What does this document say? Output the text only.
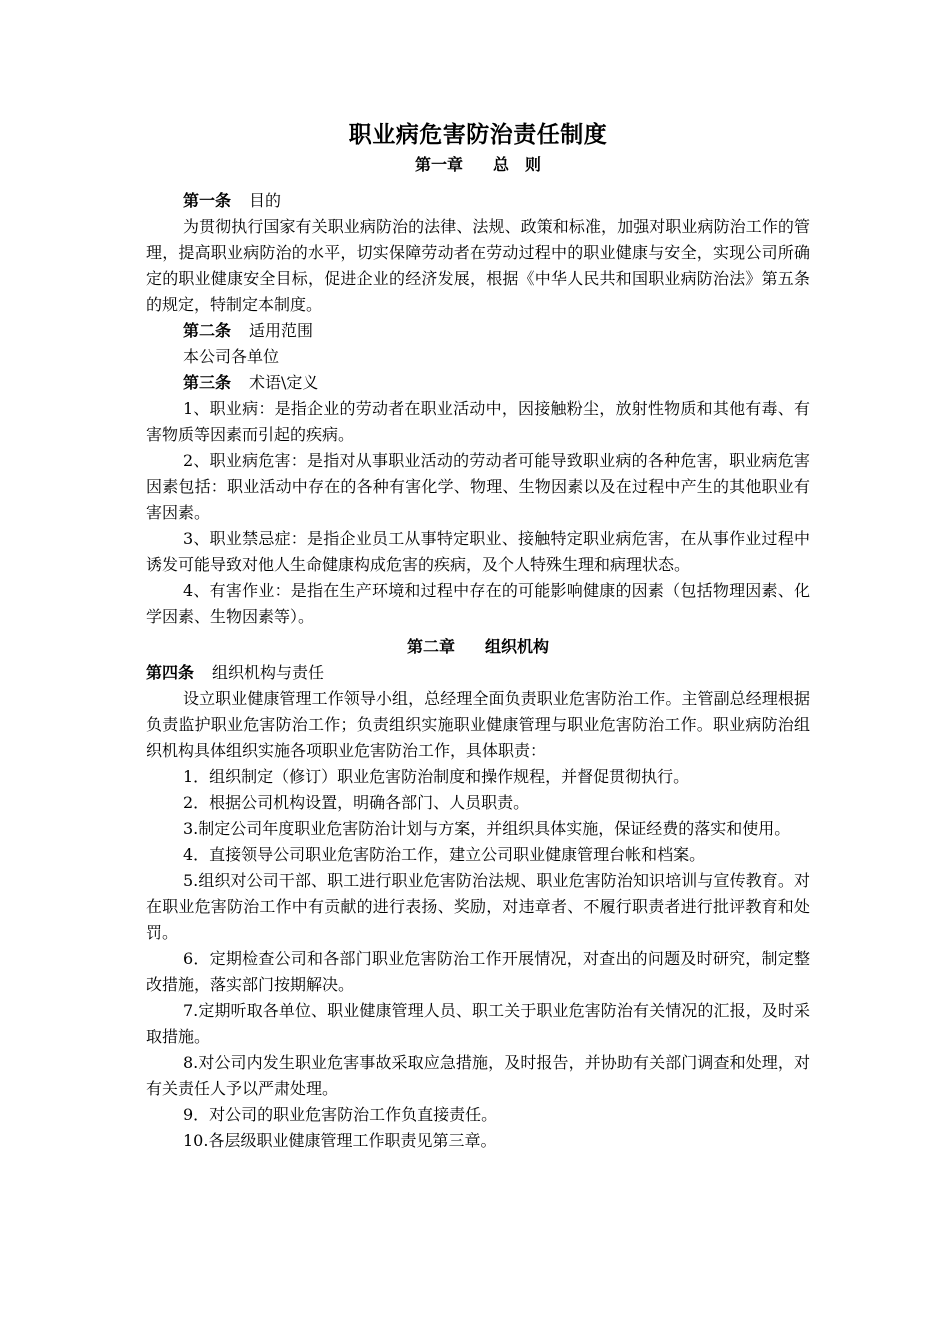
职业病危害防治责任制度
第一章 总　则

第一条 目的

为贯彻执行国家有关职业病防治的法律、法规、政策和标准，加强对职业病防治工作的管理，提高职业病防治的水平，切实保障劳动者在劳动过程中的职业健康与安全，实现公司所确定的职业健康安全目标，促进企业的经济发展，根据《中华人民共和国职业病防治法》第五条的规定，特制定本制度。

第二条 适用范围

本公司各单位

第三条 术语\定义

1、职业病：是指企业的劳动者在职业活动中，因接触粉尘，放射性物质和其他有毒、有害物质等因素而引起的疾病。

2、职业病危害：是指对从事职业活动的劳动者可能导致职业病的各种危害，职业病危害因素包括：职业活动中存在的各种有害化学、物理、生物因素以及在过程中产生的其他职业有害因素。

3、职业禁忌症：是指企业员工从事特定职业、接触特定职业病危害，在从事作业过程中诱发可能导致对他人生命健康构成危害的疾病，及个人特殊生理和病理状态。

4、有害作业：是指在生产环境和过程中存在的可能影响健康的因素（包括物理因素、化学因素、生物因素等）。

第二章 组织机构

第四条 组织机构与责任

设立职业健康管理工作领导小组，总经理全面负责职业危害防治工作。主管副总经理根据负责监护职业危害防治工作；负责组织实施职业健康管理与职业危害防治工作。职业病防治组织机构具体组织实施各项职业危害防治工作，具体职责：

1．组织制定（修订）职业危害防治制度和操作规程，并督促贯彻执行。

2．根据公司机构设置，明确各部门、人员职责。

3.制定公司年度职业危害防治计划与方案，并组织具体实施，保证经费的落实和使用。

4．直接领导公司职业危害防治工作，建立公司职业健康管理台帐和档案。

5.组织对公司干部、职工进行职业危害防治法规、职业危害防治知识培训与宣传教育。对在职业危害防治工作中有贡献的进行表扬、奖励，对违章者、不履行职责者进行批评教育和处罚。

6．定期检查公司和各部门职业危害防治工作开展情况，对查出的问题及时研究，制定整改措施，落实部门按期解决。

7.定期听取各单位、职业健康管理人员、职工关于职业危害防治有关情况的汇报，及时采取措施。

8.对公司内发生职业危害事故采取应急措施，及时报告，并协助有关部门调查和处理，对有关责任人予以严肃处理。

9．对公司的职业危害防治工作负直接责任。

10.各层级职业健康管理工作职责见第三章。
